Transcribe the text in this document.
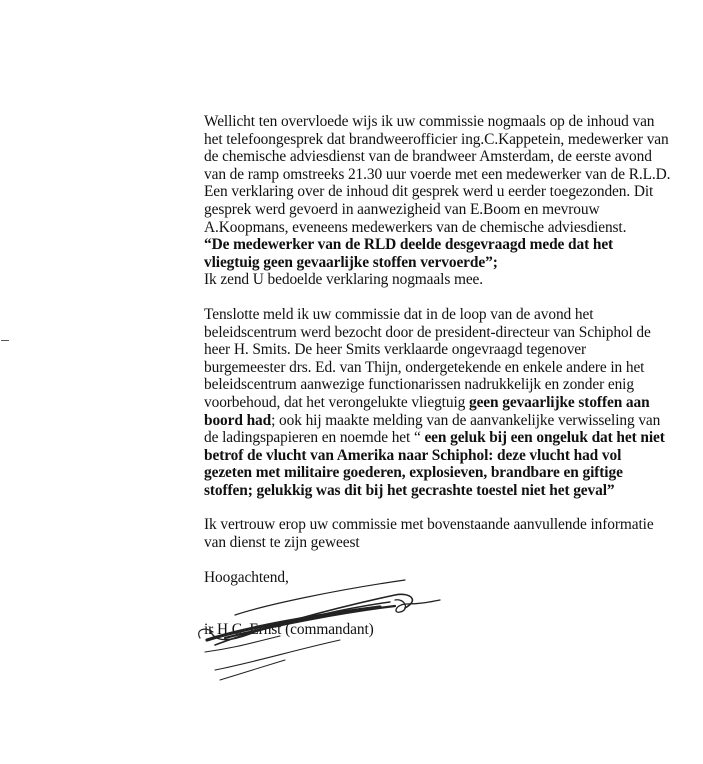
Wellicht ten overvloede wijs ik uw commissie nogmaals op de inhoud van
het telefoongesprek dat brandweerofficier ing.C.Kappetein, medewerker van
de chemische adviesdienst van de brandweer Amsterdam, de eerste avond
van de ramp omstreeks 21.30 uur voerde met een medewerker van de R.L.D.
Een verklaring over de inhoud dit gesprek werd u eerder toegezonden. Dit
gesprek werd gevoerd in aanwezigheid van E.Boom en mevrouw
A.Koopmans, eveneens medewerkers van de chemische adviesdienst.
“De medewerker van de RLD deelde desgevraagd mede dat het
vliegtuig geen gevaarlijke stoffen vervoerde”;
Ik zend U bedoelde verklaring nogmaals mee.
Tenslotte meld ik uw commissie dat in de loop van de avond het
beleidscentrum werd bezocht door de president-directeur van Schiphol de
heer H. Smits. De heer Smits verklaarde ongevraagd tegenover
burgemeester drs. Ed. van Thijn, ondergetekende en enkele andere in het
beleidscentrum aanwezige functionarissen nadrukkelijk en zonder enig
voorbehoud, dat het verongelukte vliegtuig geen gevaarlijke stoffen aan
boord had; ook hij maakte melding van de aanvankelijke verwisseling van
de ladingspapieren en noemde het “ een geluk bij een ongeluk dat het niet
betrof de vlucht van Amerika naar Schiphol: deze vlucht had vol
gezeten met militaire goederen, explosieven, brandbare en giftige
stoffen; gelukkig was dit bij het gecrashte toestel niet het geval”
Ik vertrouw erop uw commissie met bovenstaande aanvullende informatie
van dienst te zijn geweest
Hoogachtend,
ir H.C. Ernst (commandant)
